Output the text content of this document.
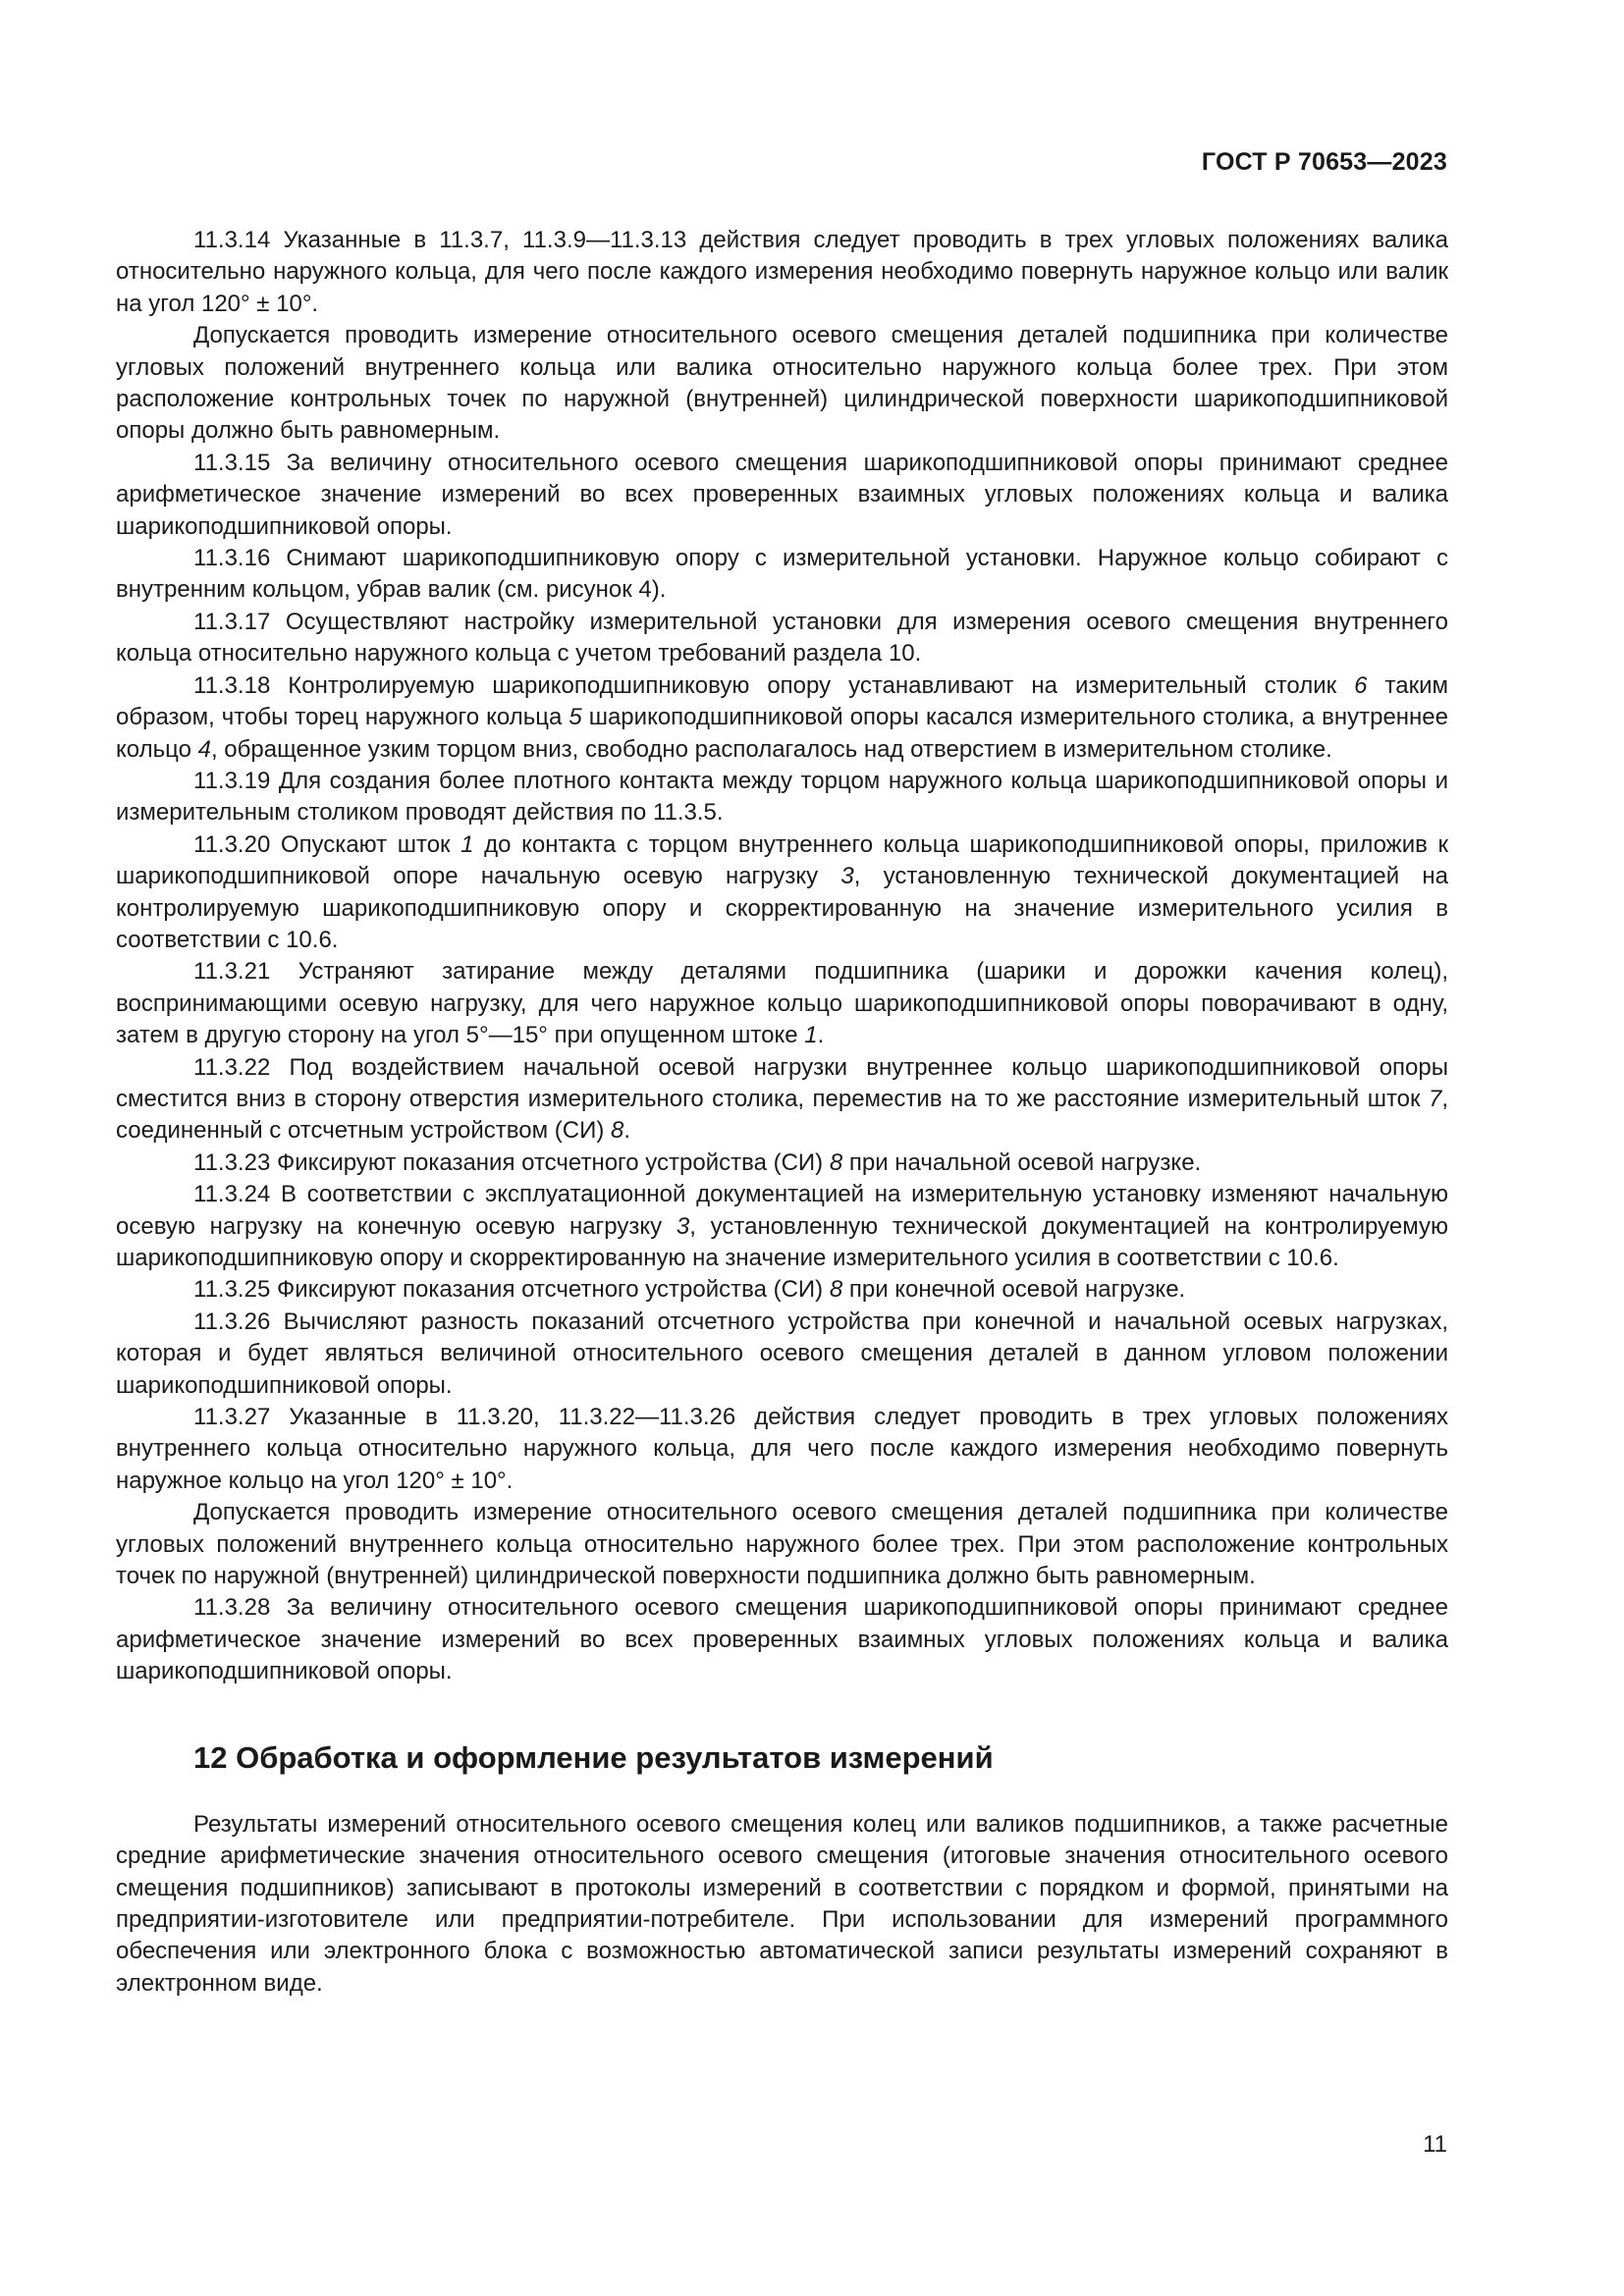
ГОСТ Р 70653—2023

11.3.14 Указанные в 11.3.7, 11.3.9—11.3.13 действия следует проводить в трех угловых положениях валика относительно наружного кольца, для чего после каждого измерения необходимо повернуть наружное кольцо или валик на угол 120° ± 10°.

Допускается проводить измерение относительного осевого смещения деталей подшипника при количестве угловых положений внутреннего кольца или валика относительно наружного кольца более трех. При этом расположение контрольных точек по наружной (внутренней) цилиндрической поверхности шарикоподшипниковой опоры должно быть равномерным.

11.3.15 За величину относительного осевого смещения шарикоподшипниковой опоры принимают среднее арифметическое значение измерений во всех проверенных взаимных угловых положениях кольца и валика шарикоподшипниковой опоры.

11.3.16 Снимают шарикоподшипниковую опору с измерительной установки. Наружное кольцо собирают с внутренним кольцом, убрав валик (см. рисунок 4).

11.3.17 Осуществляют настройку измерительной установки для измерения осевого смещения внутреннего кольца относительно наружного кольца с учетом требований раздела 10.

11.3.18 Контролируемую шарикоподшипниковую опору устанавливают на измерительный столик 6 таким образом, чтобы торец наружного кольца 5 шарикоподшипниковой опоры касался измерительного столика, а внутреннее кольцо 4, обращенное узким торцом вниз, свободно располагалось над отверстием в измерительном столике.

11.3.19 Для создания более плотного контакта между торцом наружного кольца шарикоподшипниковой опоры и измерительным столиком проводят действия по 11.3.5.

11.3.20 Опускают шток 1 до контакта с торцом внутреннего кольца шарикоподшипниковой опоры, приложив к шарикоподшипниковой опоре начальную осевую нагрузку 3, установленную технической документацией на контролируемую шарикоподшипниковую опору и скорректированную на значение измерительного усилия в соответствии с 10.6.

11.3.21 Устраняют затирание между деталями подшипника (шарики и дорожки качения колец), воспринимающими осевую нагрузку, для чего наружное кольцо шарикоподшипниковой опоры поворачивают в одну, затем в другую сторону на угол 5°—15° при опущенном штоке 1.

11.3.22 Под воздействием начальной осевой нагрузки внутреннее кольцо шарикоподшипниковой опоры сместится вниз в сторону отверстия измерительного столика, переместив на то же расстояние измерительный шток 7, соединенный с отсчетным устройством (СИ) 8.

11.3.23 Фиксируют показания отсчетного устройства (СИ) 8 при начальной осевой нагрузке.

11.3.24 В соответствии с эксплуатационной документацией на измерительную установку изменяют начальную осевую нагрузку на конечную осевую нагрузку 3, установленную технической документацией на контролируемую шарикоподшипниковую опору и скорректированную на значение измерительного усилия в соответствии с 10.6.

11.3.25 Фиксируют показания отсчетного устройства (СИ) 8 при конечной осевой нагрузке.

11.3.26 Вычисляют разность показаний отсчетного устройства при конечной и начальной осевых нагрузках, которая и будет являться величиной относительного осевого смещения деталей в данном угловом положении шарикоподшипниковой опоры.

11.3.27 Указанные в 11.3.20, 11.3.22—11.3.26 действия следует проводить в трех угловых положениях внутреннего кольца относительно наружного кольца, для чего после каждого измерения необходимо повернуть наружное кольцо на угол 120° ± 10°.

Допускается проводить измерение относительного осевого смещения деталей подшипника при количестве угловых положений внутреннего кольца относительно наружного более трех. При этом расположение контрольных точек по наружной (внутренней) цилиндрической поверхности подшипника должно быть равномерным.

11.3.28 За величину относительного осевого смещения шарикоподшипниковой опоры принимают среднее арифметическое значение измерений во всех проверенных взаимных угловых положениях кольца и валика шарикоподшипниковой опоры.

12 Обработка и оформление результатов измерений

Результаты измерений относительного осевого смещения колец или валиков подшипников, а также расчетные средние арифметические значения относительного осевого смещения (итоговые значения относительного осевого смещения подшипников) записывают в протоколы измерений в соответствии с порядком и формой, принятыми на предприятии-изготовителе или предприятии-потребителе. При использовании для измерений программного обеспечения или электронного блока с возможностью автоматической записи результаты измерений сохраняют в электронном виде.

11
